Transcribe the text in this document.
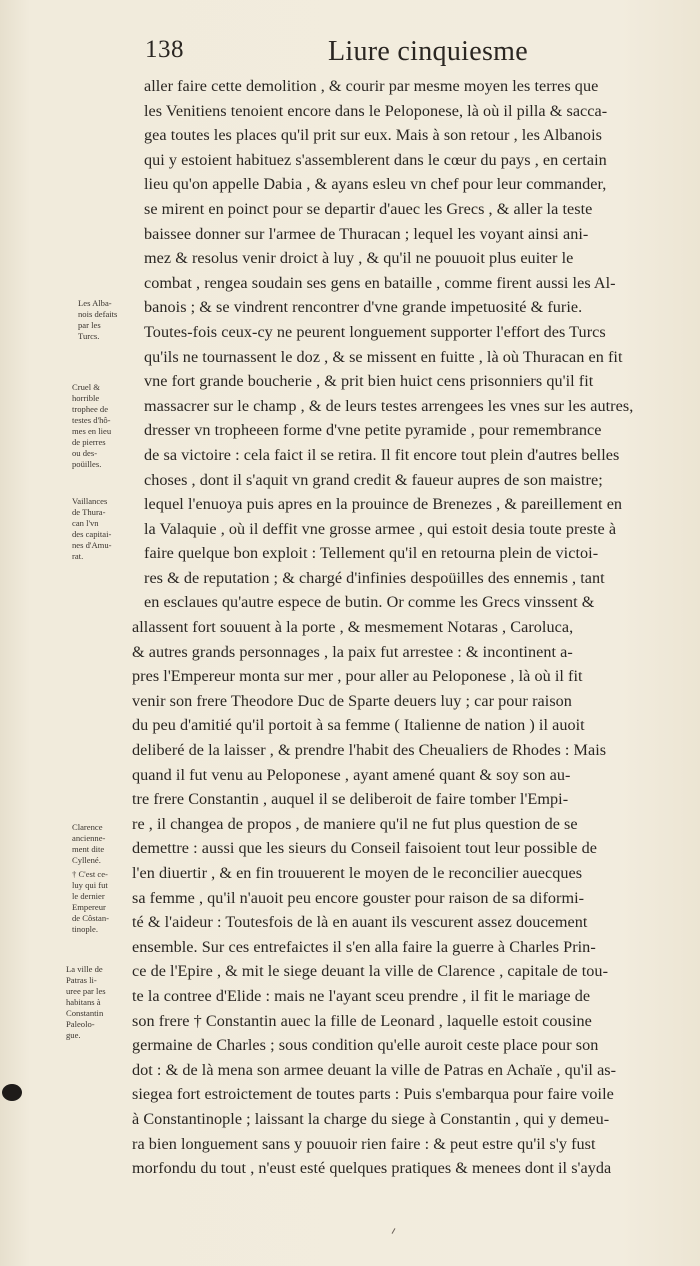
138	Liure cinquiesme
aller faire cette demolition , & courir par mesme moyen les terres que
les Venitiens tenoient encore dans le Peloponese, là où il pilla & sacca-
gea toutes les places qu'il prit sur eux. Mais à son retour , les Albanois
qui y estoient habituez s'assemblerent dans le cœur du pays , en certain
lieu qu'on appelle Dabia , & ayans esleu vn chef pour leur commander,
se mirent en poinct pour se departir d'auec les Grecs , & aller la teste
baissee donner sur l'armee de Thuracan ; lequel les voyant ainsi ani-
mez & resolus venir droict à luy , & qu'il ne pouuoit plus euiter le
combat , rengea soudain ses gens en bataille , comme firent aussi les Al-
banois ; & se vindrent rencontrer d'vne grande impetuosité & furie.
Toutes-fois ceux-cy ne peurent longuement supporter l'effort des Turcs
qu'ils ne tournassent le doz , & se missent en fuitte , là où Thuracan en fit
vne fort grande boucherie , & prit bien huict cens prisonniers qu'il fit
massacrer sur le champ , & de leurs testes arrengees les vnes sur les autres,
dresser vn tropheeen forme d'vne petite pyramide , pour remembrance
de sa victoire : cela faict il se retira. Il fit encore tout plein d'autres belles
choses , dont il s'aquit vn grand credit & faueur aupres de son maistre;
lequel l'enuoya puis apres en la prouince de Brenezes , & pareillement en
la Valaquie , où il deffit vne grosse armee , qui estoit desia toute preste à
faire quelque bon exploit : Tellement qu'il en retourna plein de victoi-
res & de reputation ; & chargé d'infinies despoüilles des ennemis , tant
en esclaues qu'autre espece de butin. Or comme les Grecs vinssent &
allassent fort souuent à la porte , & mesmement Notaras , Caroluca,
& autres grands personnages , la paix fut arrestee : & incontinent a-
pres l'Empereur monta sur mer , pour aller au Peloponese , là où il fit
venir son frere Theodore Duc de Sparte deuers luy ; car pour raison
du peu d'amitié qu'il portoit à sa femme ( Italienne de nation ) il auoit
deliberé de la laisser , & prendre l'habit des Cheualiers de Rhodes : Mais
quand il fut venu au Peloponese , ayant amené quant & soy son au-
tre frere Constantin , auquel il se deliberoit de faire tomber l'Empi-
re , il changea de propos , de maniere qu'il ne fut plus question de se
demettre : aussi que les sieurs du Conseil faisoient tout leur possible de
l'en diuertir , & en fin trouuerent le moyen de le reconcilier auecques
sa femme , qu'il n'auoit peu encore gouster pour raison de sa diformi-
té & l'aideur : Toutesfois de là en auant ils vescurent assez doucement
ensemble. Sur ces entrefaictes il s'en alla faire la guerre à Charles Prin-
ce de l'Epire , & mit le siege deuant la ville de Clarence , capitale de tou-
te la contree d'Elide : mais ne l'ayant sceu prendre , il fit le mariage de
son frere † Constantin auec la fille de Leonard , laquelle estoit cousine
germaine de Charles ; sous condition qu'elle auroit ceste place pour son
dot : & de là mena son armee deuant la ville de Patras en Achaïe , qu'il as-
siegea fort estroictement de toutes parts : Puis s'embarqua pour faire voile
à Constantinople ; laissant la charge du siege à Constantin , qui y demeu-
ra bien longuement sans y pouuoir rien faire : & peut estre qu'il s'y fust
morfondu du tout , n'eust esté quelques pratiques & menees dont il s'ayda
Les Alba-
nois defaits
par les
Turcs.
Cruel &
horrible
trophee de
testes d'hô-
mes en lieu
de pierres
ou des-
poüilles.
Vaillances
de Thura-
can l'vn
des capitai-
nes d'Amu-
rat.
Clarence
ancienne-
ment dite
Cyllené.
† C'est ce-
luy qui fut
le dernier
Empereur
de Côstan-
tinople.
La ville de
Patras li-
uree par les
habitans à
Constantin
Paleolo-
gue.
